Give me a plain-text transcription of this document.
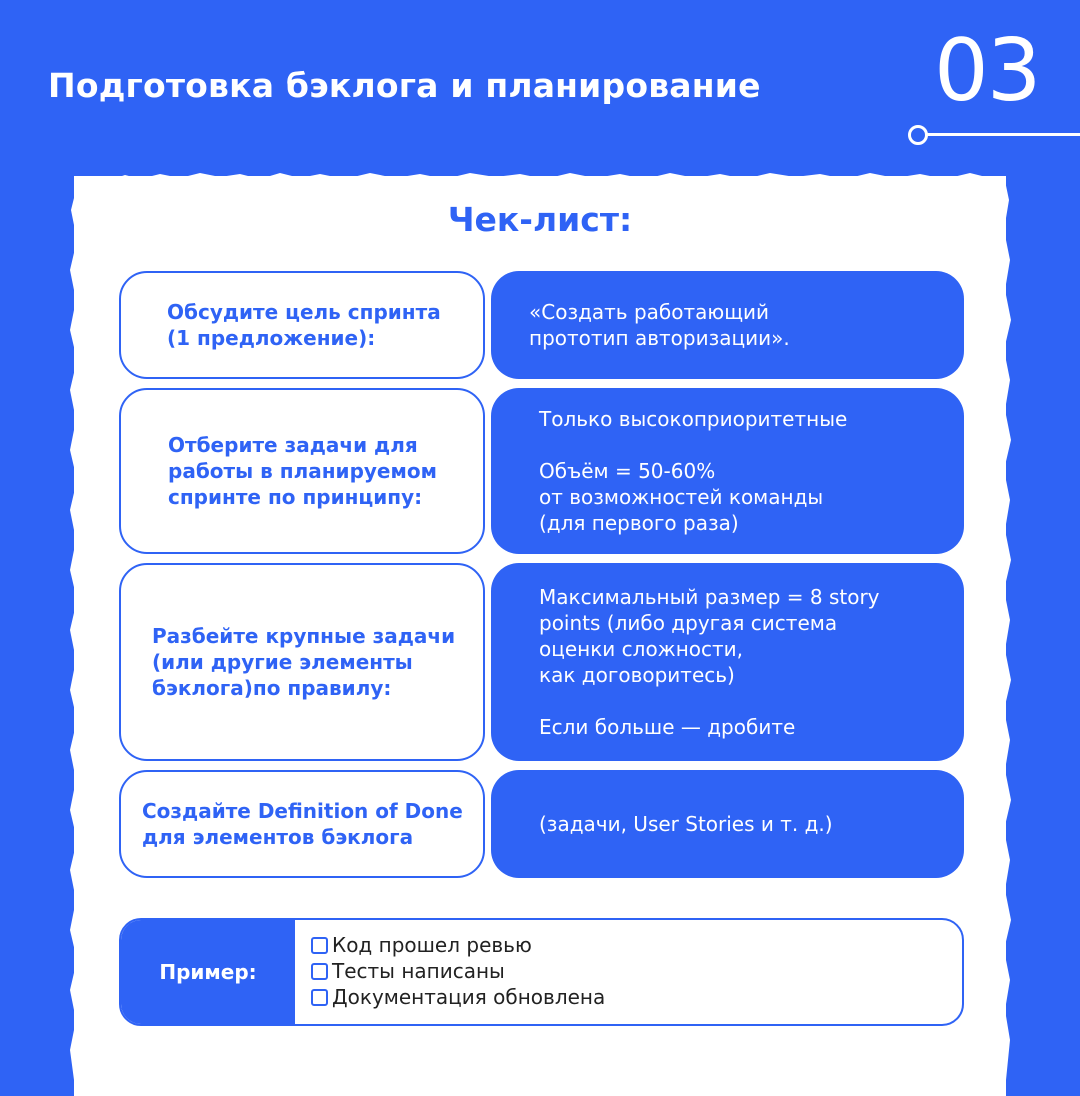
Подготовка бэклога и планирование 03
Чек-лист:
Обсудите цель спринта
(1 предложение):
«Создать работающий
прототип авторизации».
Отберите задачи для
работы в планируемом
спринте по принципу:
Только высокоприоритетные

Объём = 50-60%
от возможностей команды
(для первого раза)
Разбейте крупные задачи
(или другие элементы
бэклога)по правилу:
Максимальный размер = 8 story
points (либо другая система
оценки сложности,
как договоритесь)

Если больше — дробите
Создайте Definition of Done
для элементов бэклога
(задачи, User Stories и т. д.)
Пример:
Код прошел ревью
Тесты написаны
Документация обновлена
